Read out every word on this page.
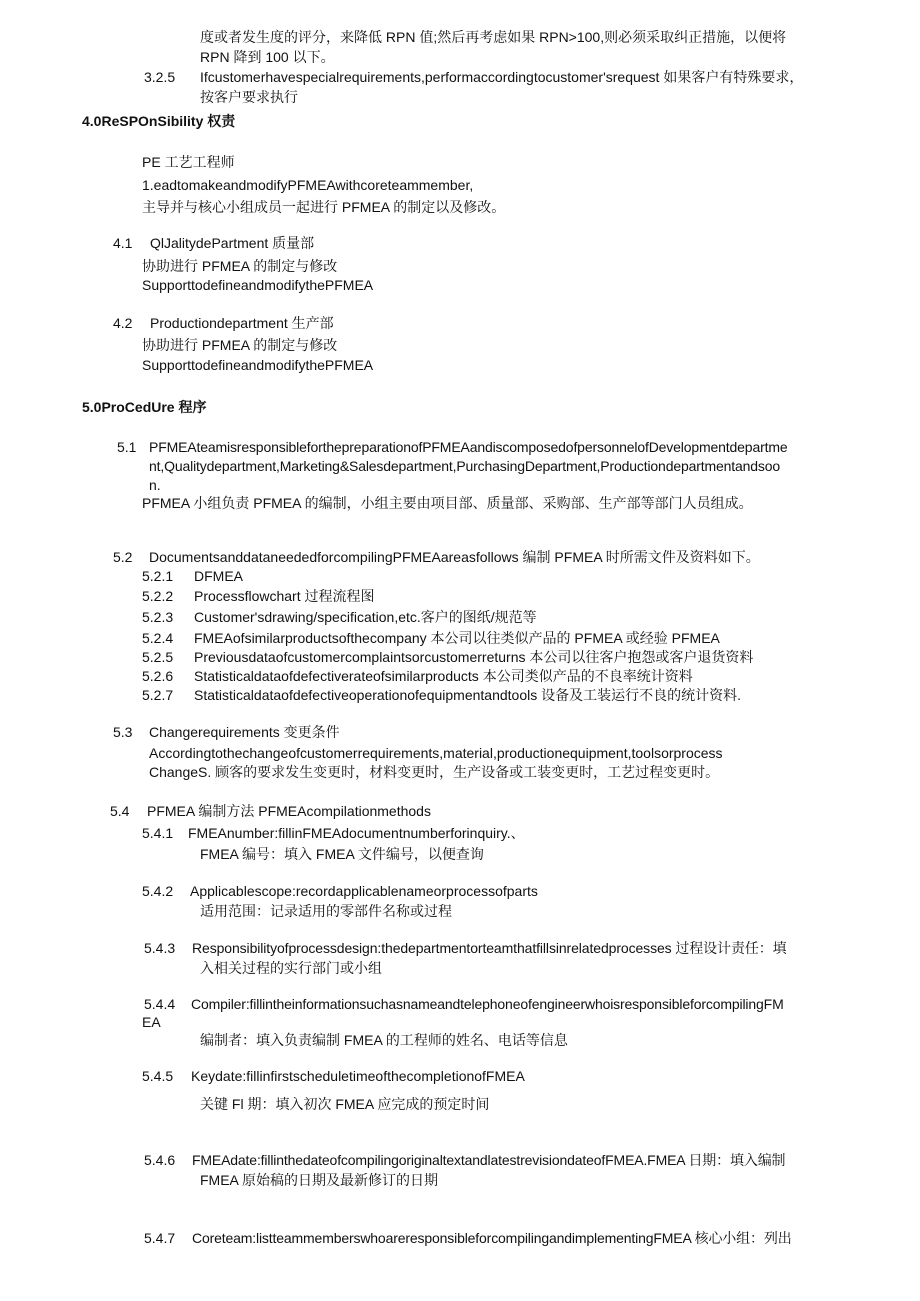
度或者发生度的评分，来降低 RPN 值;然后再考虑如果 RPN>100,则必须采取纠正措施，以便将
RPN 降到 100 以下。
3.2.5 Ifcustomerhavespecialrequirements,performaccordingtocustomer'srequest 如果客户有特殊要求，
按客户要求执行
4.0ReSPOnSibility 权责
PE 工艺工程师
1.eadtomakeandmodifyPFMEAwithcoreteammember,
主导并与核心小组成员一起进行 PFMEA 的制定以及修改。
4.1 QlJalitydePartment 质量部
协助进行 PFMEA 的制定与修改
SupporttodefineandmodifythePFMEA
4.2 Productiondepartment 生产部
协助进行 PFMEA 的制定与修改
SupporttodefineandmodifythePFMEA
5.0ProCedUre 程序
5.1 PFMEAteamisresponsibleforthepreparationofPFMEAandiscomposedofpersonnelofDevelopmentdepartme
nt,Qualitydepartment,Marketing&Salesdepartment,PurchasingDepartment,Productiondepartmentandsoo
n.
PFMEA 小组负责 PFMEA 的编制，小组主要由项目部、质量部、采购部、生产部等部门人员组成。
5.2 DocumentsanddataneededforcompilingPFMEAareasfollows 编制 PFMEA 时所需文件及资料如下。
5.2.1 DFMEA
5.2.2 Processflowchart 过程流程图
5.2.3 Customer'sdrawing/specification,etc.客户的图纸/规范等
5.2.4 FMEAofsimilarproductsofthecompany 本公司以往类似产品的 PFMEA 或经验 PFMEA
5.2.5 Previousdataofcustomercomplaintsorcustomerreturns 本公司以往客户抱怨或客户退货资料
5.2.6 Statisticaldataofdefectiverateofsimilarproducts 本公司类似产品的不良率统计资料
5.2.7 Statisticaldataofdefectiveoperationofequipmentandtools 设备及工装运行不良的统计资料.
5.3 Changerequirements 变更条件
Accordingtothechangeofcustomerrequirements,material,productionequipment,toolsorprocess
ChangeS. 顾客的要求发生变更时，材料变更时，生产设备或工装变更时，工艺过程变更时。
5.4 PFMEA 编制方法 PFMEAcompilationmethods
5.4.1 FMEAnumber:fillinFMEAdocumentnumberforinquiry.、
FMEA 编号：填入 FMEA 文件编号，以便查询
5.4.2 Applicablescope:recordapplicablenameorprocessofparts
适用范围：记录适用的零部件名称或过程
5.4.3 Responsibilityofprocessdesign:thedepartmentorteamthatfillsinrelatedprocesses 过程设计责任：填
入相关过程的实行部门或小组
5.4.4 Compiler:fillintheinformationsuchasnameandtelephoneofengineerwhoisresponsibleforcompilingFM
EA
编制者：填入负责编制 FMEA 的工程师的姓名、电话等信息
5.4.5 Keydate:fillinfirstscheduletimeofthecompletionofFMEA
关键 Fl 期：填入初次 FMEA 应完成的预定时间
5.4.6 FMEAdate:fillinthedateofcompilingoriginaltextandlatestrevisiondateofFMEA.FMEA 日期：填入编制
FMEA 原始稿的日期及最新修订的日期
5.4.7 Coreteam:listteammemberswhoareresponsibleforcompilingandimplementingFMEA 核心小组：列出
